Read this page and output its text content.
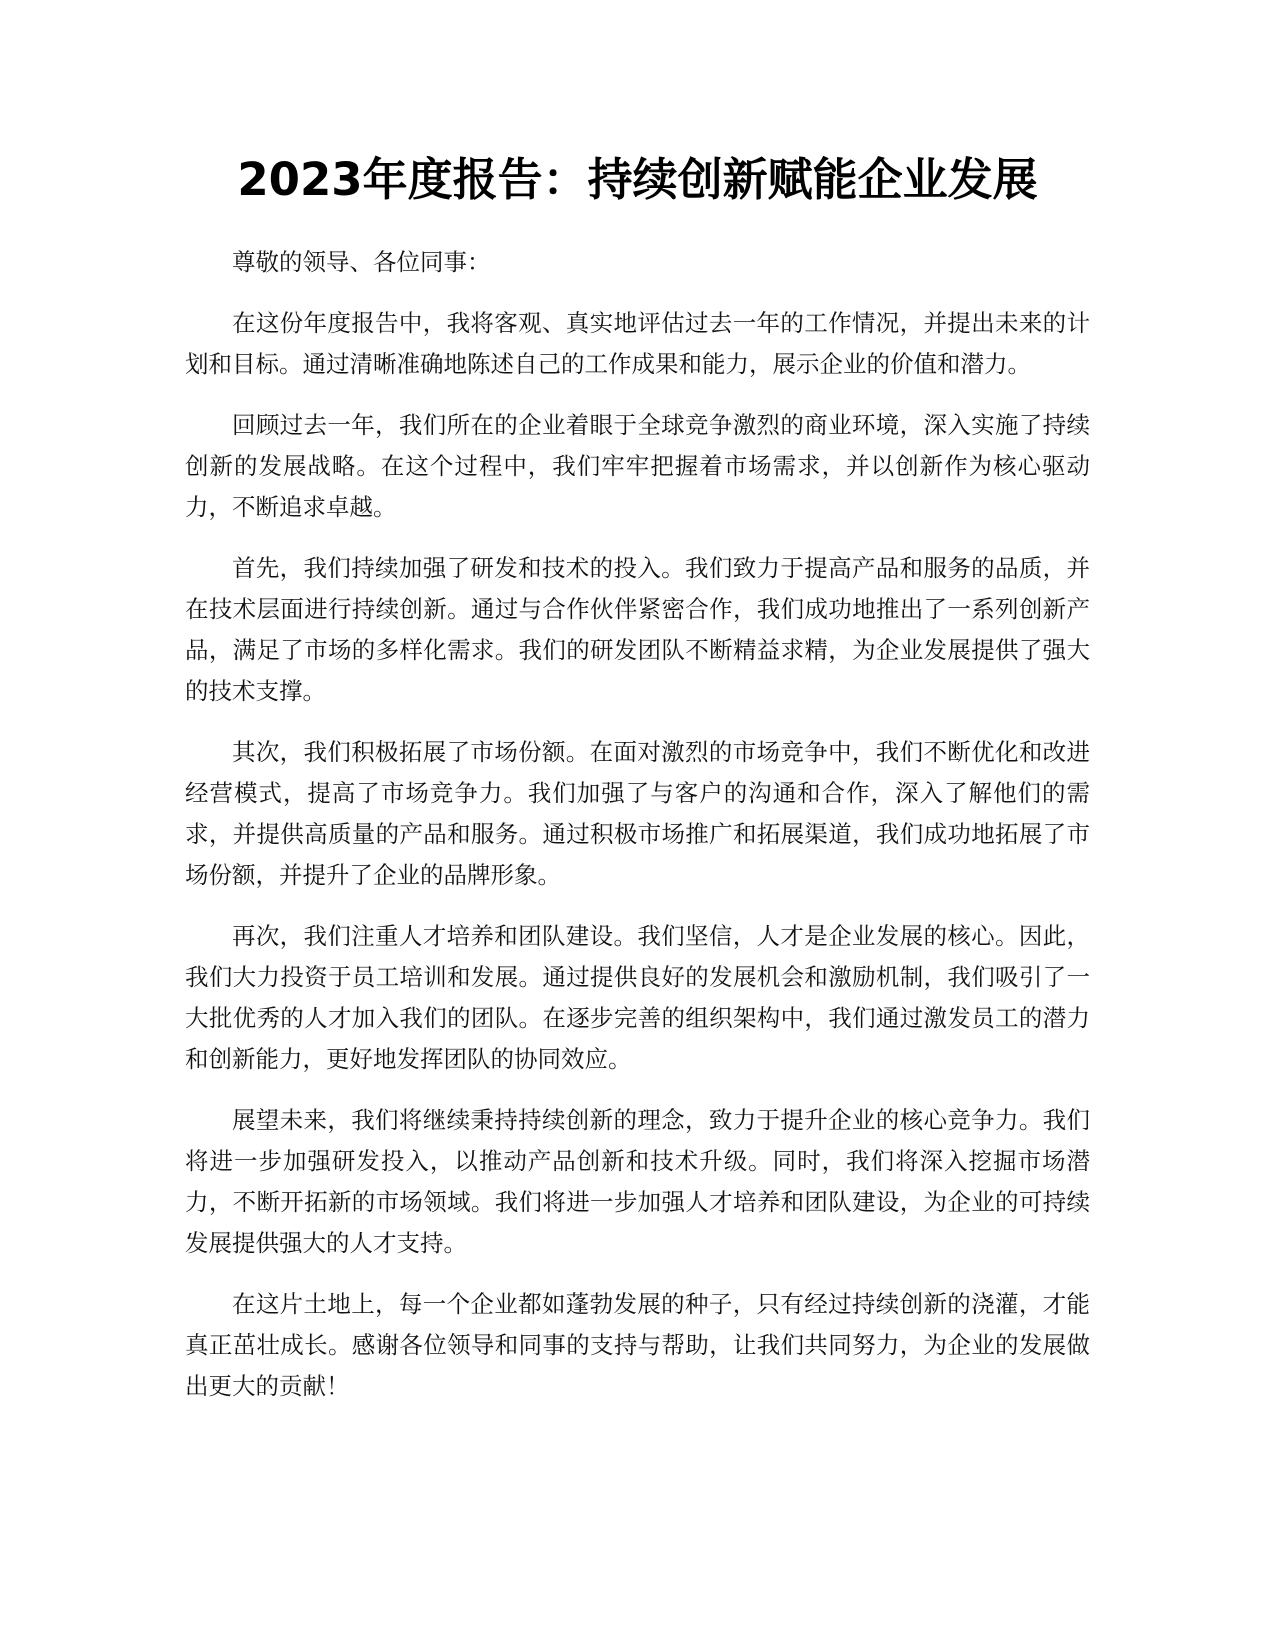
2023年度报告：持续创新赋能企业发展

尊敬的领导、各位同事：

在这份年度报告中，我将客观、真实地评估过去一年的工作情况，并提出未来的计划和目标。通过清晰准确地陈述自己的工作成果和能力，展示企业的价值和潜力。

回顾过去一年，我们所在的企业着眼于全球竞争激烈的商业环境，深入实施了持续创新的发展战略。在这个过程中，我们牢牢把握着市场需求，并以创新作为核心驱动力，不断追求卓越。

首先，我们持续加强了研发和技术的投入。我们致力于提高产品和服务的品质，并在技术层面进行持续创新。通过与合作伙伴紧密合作，我们成功地推出了一系列创新产品，满足了市场的多样化需求。我们的研发团队不断精益求精，为企业发展提供了强大的技术支撑。

其次，我们积极拓展了市场份额。在面对激烈的市场竞争中，我们不断优化和改进经营模式，提高了市场竞争力。我们加强了与客户的沟通和合作，深入了解他们的需求，并提供高质量的产品和服务。通过积极市场推广和拓展渠道，我们成功地拓展了市场份额，并提升了企业的品牌形象。

再次，我们注重人才培养和团队建设。我们坚信，人才是企业发展的核心。因此，我们大力投资于员工培训和发展。通过提供良好的发展机会和激励机制，我们吸引了一大批优秀的人才加入我们的团队。在逐步完善的组织架构中，我们通过激发员工的潜力和创新能力，更好地发挥团队的协同效应。

展望未来，我们将继续秉持持续创新的理念，致力于提升企业的核心竞争力。我们将进一步加强研发投入，以推动产品创新和技术升级。同时，我们将深入挖掘市场潜力，不断开拓新的市场领域。我们将进一步加强人才培养和团队建设，为企业的可持续发展提供强大的人才支持。

在这片土地上，每一个企业都如蓬勃发展的种子，只有经过持续创新的浇灌，才能真正茁壮成长。感谢各位领导和同事的支持与帮助，让我们共同努力，为企业的发展做出更大的贡献！
